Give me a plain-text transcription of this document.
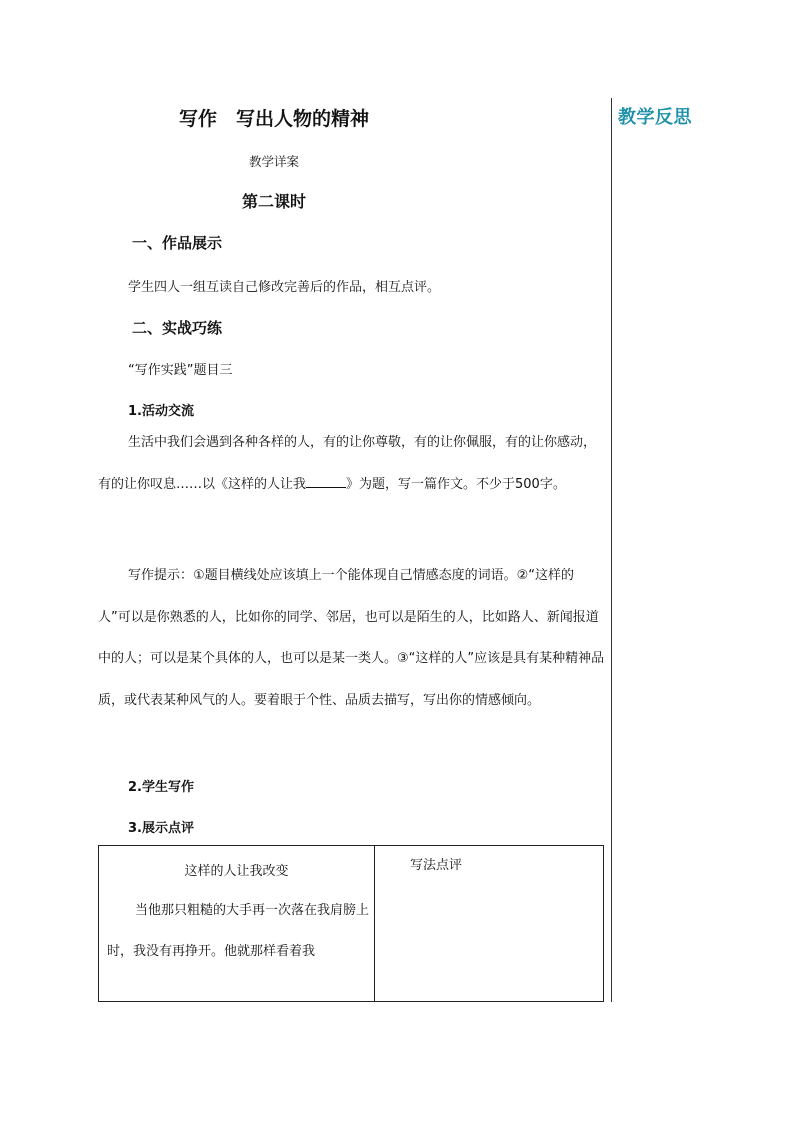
教学反思
写作　写出人物的精神
教学详案
第二课时
一、作品展示
学生四人一组互读自己修改完善后的作品，相互点评。
二、实战巧练
“写作实践”题目三
1.活动交流
生活中我们会遇到各种各样的人，有的让你尊敬，有的让你佩服，有的让你感动，有的让你叹息……以《这样的人让我	》为题，写一篇作文。不少于500字。
写作提示：①题目横线处应该填上一个能体现自己情感态度的词语。②“这样的人”可以是你熟悉的人，比如你的同学、邻居，也可以是陌生的人，比如路人、新闻报道中的人；可以是某个具体的人，也可以是某一类人。③“这样的人”应该是具有某种精神品质，或代表某种风气的人。要着眼于个性、品质去描写，写出你的情感倾向。
2.学生写作
3.展示点评
这样的人让我改变
当他那只粗糙的大手再一次落在我肩膀上时，我没有再挣开。他就那样看着我
写法点评
